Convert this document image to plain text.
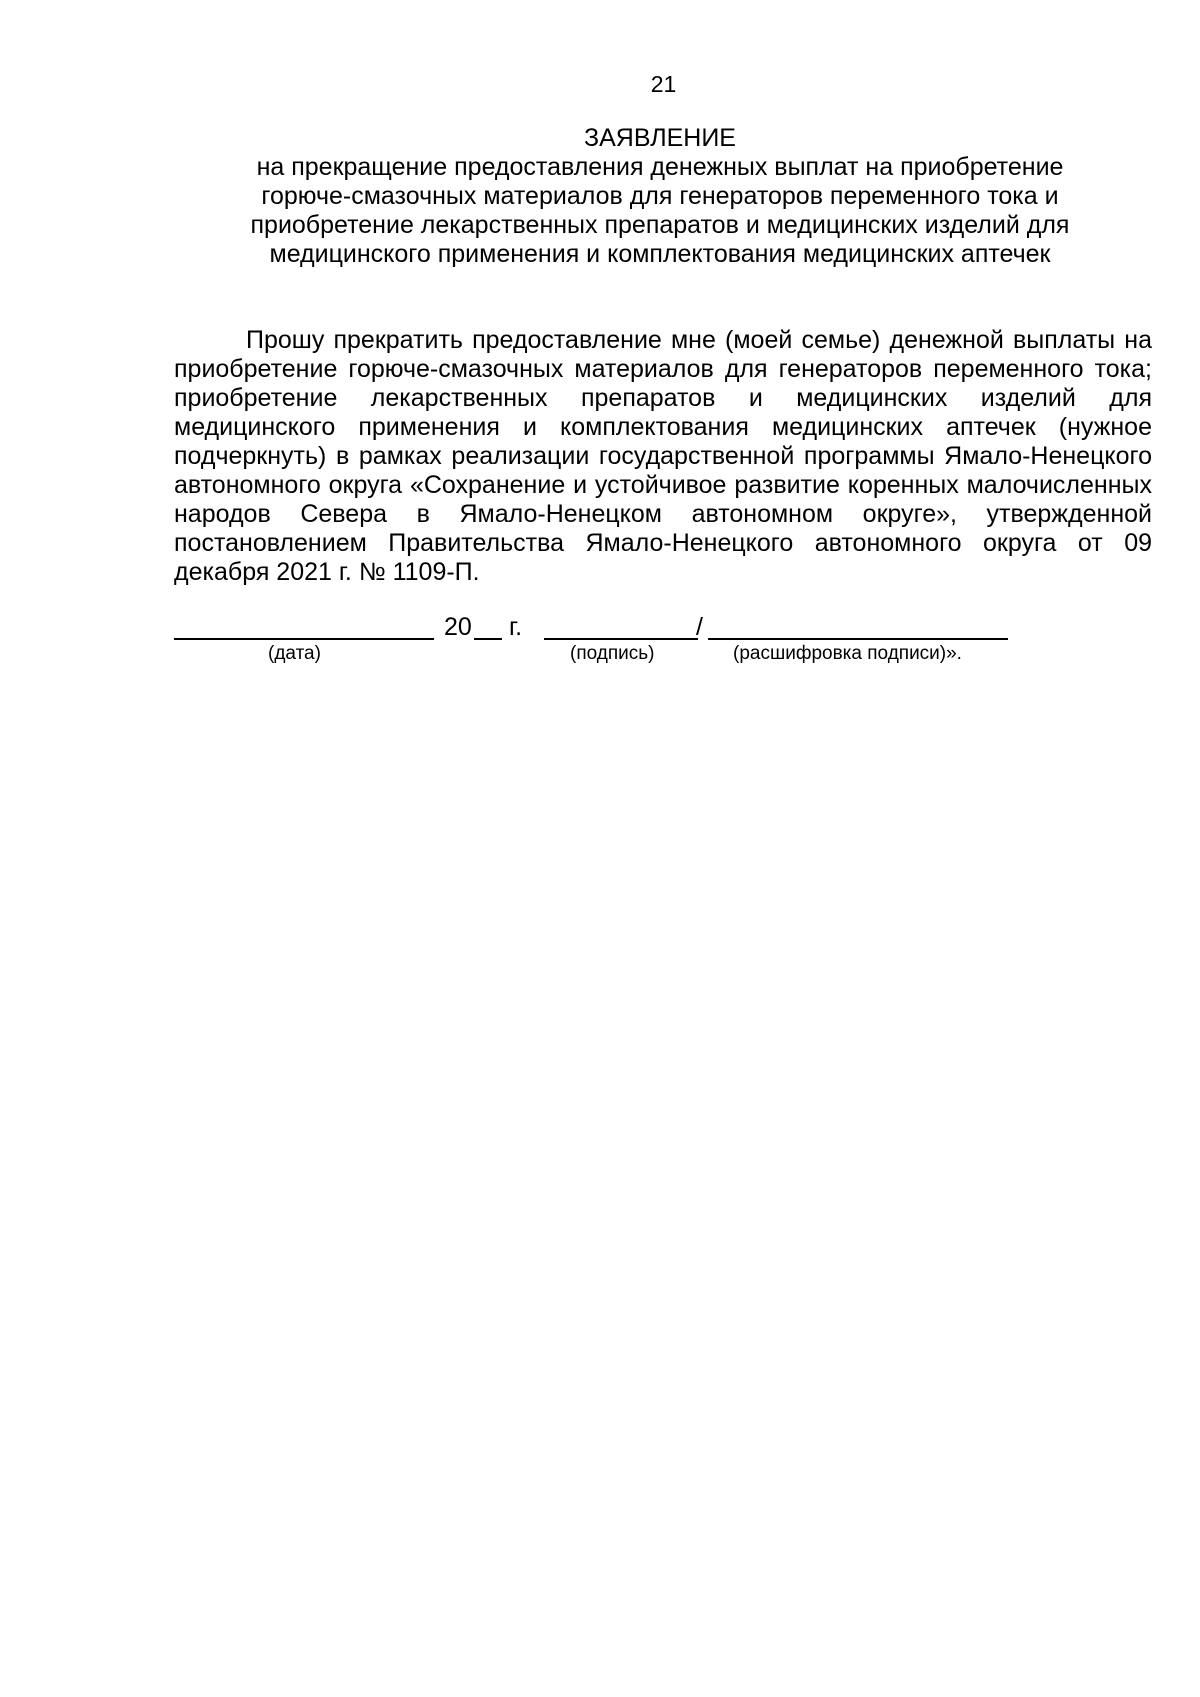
21
ЗАЯВЛЕНИЕ
на прекращение предоставления денежных выплат на приобретение
горюче-смазочных материалов для генераторов переменного тока и
приобретение лекарственных препаратов и медицинских изделий для
медицинского применения и комплектования медицинских аптечек

Прошу прекратить предоставление мне (моей семье) денежной выплаты на приобретение горюче-смазочных материалов для генераторов переменного тока; приобретение лекарственных препаратов и медицинских изделий для медицинского применения и комплектования медицинских аптечек (нужное подчеркнуть) в рамках реализации государственной программы Ямало-Ненецкого автономного округа «Сохранение и устойчивое развитие коренных малочисленных народов Севера в Ямало-Ненецком автономном округе», утвержденной постановлением Правительства Ямало-Ненецкого автономного округа от 09 декабря 2021 г. № 1109-П.

20 г.	/
(дата)	(подпись)	(расшифровка подписи)».
